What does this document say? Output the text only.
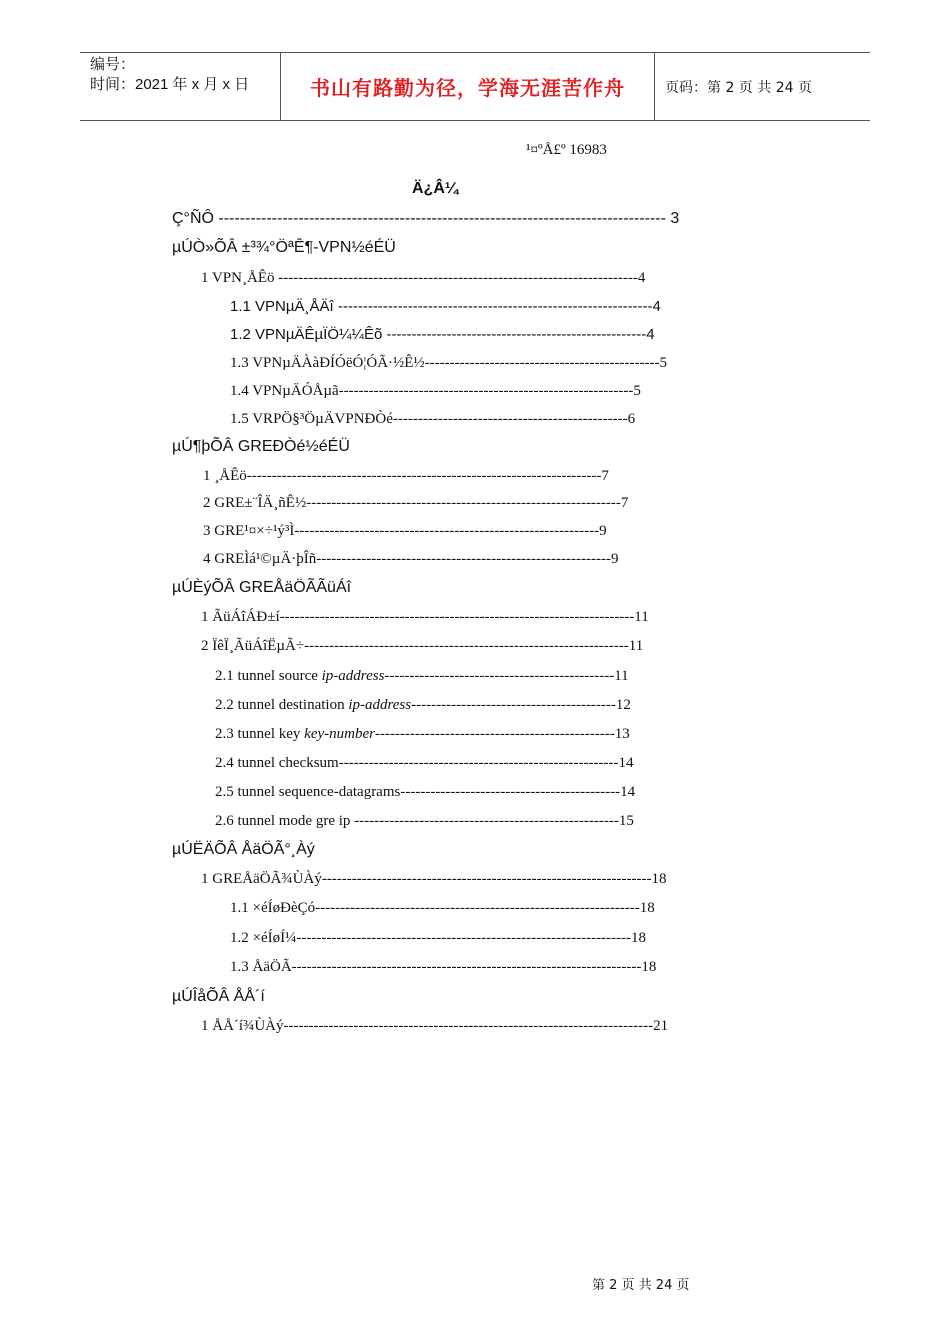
编号：
时间：2021 年 x 月 x 日	书山有路勤为径，学海无涯苦作舟	页码：第 2 页 共 24 页
¹¤ºÅ£º 16983
Ä¿Â¼
Ç°ÑÔ ------------------------------------------------------------------------------------ 3
µÚÒ»ÕÂ ±³¾°ÖªÊ¶-VPN½éÉÜ
1 VPN¸ÅÊö ------------------------------------------------------------------------4
1.1 VPNµÄ¸ÅÄî ---------------------------------------------------------------4
1.2 VPNµÄÊµÏÖ¼¼Êõ ----------------------------------------------------4
1.3 VPNµÄÀàÐÍÓëÓ¦ÓÃ·½Ê½-----------------------------------------------5
1.4 VPNµÄÓÅµã-----------------------------------------------------------5
1.5 VRPÖ§³ÖµÄVPNÐÒé-----------------------------------------------6
µÚ¶þÕÂ GREÐÒé½éÉÜ
1 ¸ÅÊö-----------------------------------------------------------------------7
2 GRE±¨ÎÄ¸ñÊ½---------------------------------------------------------------7
3 GRE¹¤×÷¹ý³Ì-------------------------------------------------------------9
4 GREÌá¹©µÄ·þÎñ-----------------------------------------------------------9
µÚÈýÕÂ GREÅäÖÃÃüÁî
1 ÃüÁîÁÐ±í-----------------------------------------------------------------------11
2 ÏêÏ¸ÃüÁîËµÃ÷-----------------------------------------------------------------11
2.1 tunnel source ip-address----------------------------------------------11
2.2 tunnel destination ip-address-----------------------------------------12
2.3 tunnel key key-number------------------------------------------------13
2.4 tunnel checksum--------------------------------------------------------14
2.5 tunnel sequence-datagrams--------------------------------------------14
2.6 tunnel mode gre ip -----------------------------------------------------15
µÚËÄÕÂ ÅäÖÃ°¸Àý
1 GREÅäÖÃ¾ÙÀý------------------------------------------------------------------18
1.1 ×éÍøÐèÇó-----------------------------------------------------------------18
1.2 ×éÍøÍ¼-------------------------------------------------------------------18
1.3 ÅäÖÃ----------------------------------------------------------------------18
µÚÎåÕÂ ÅÅ´í
1 ÅÅ´í¾ÙÀý--------------------------------------------------------------------------21
第 2 页 共 24 页
